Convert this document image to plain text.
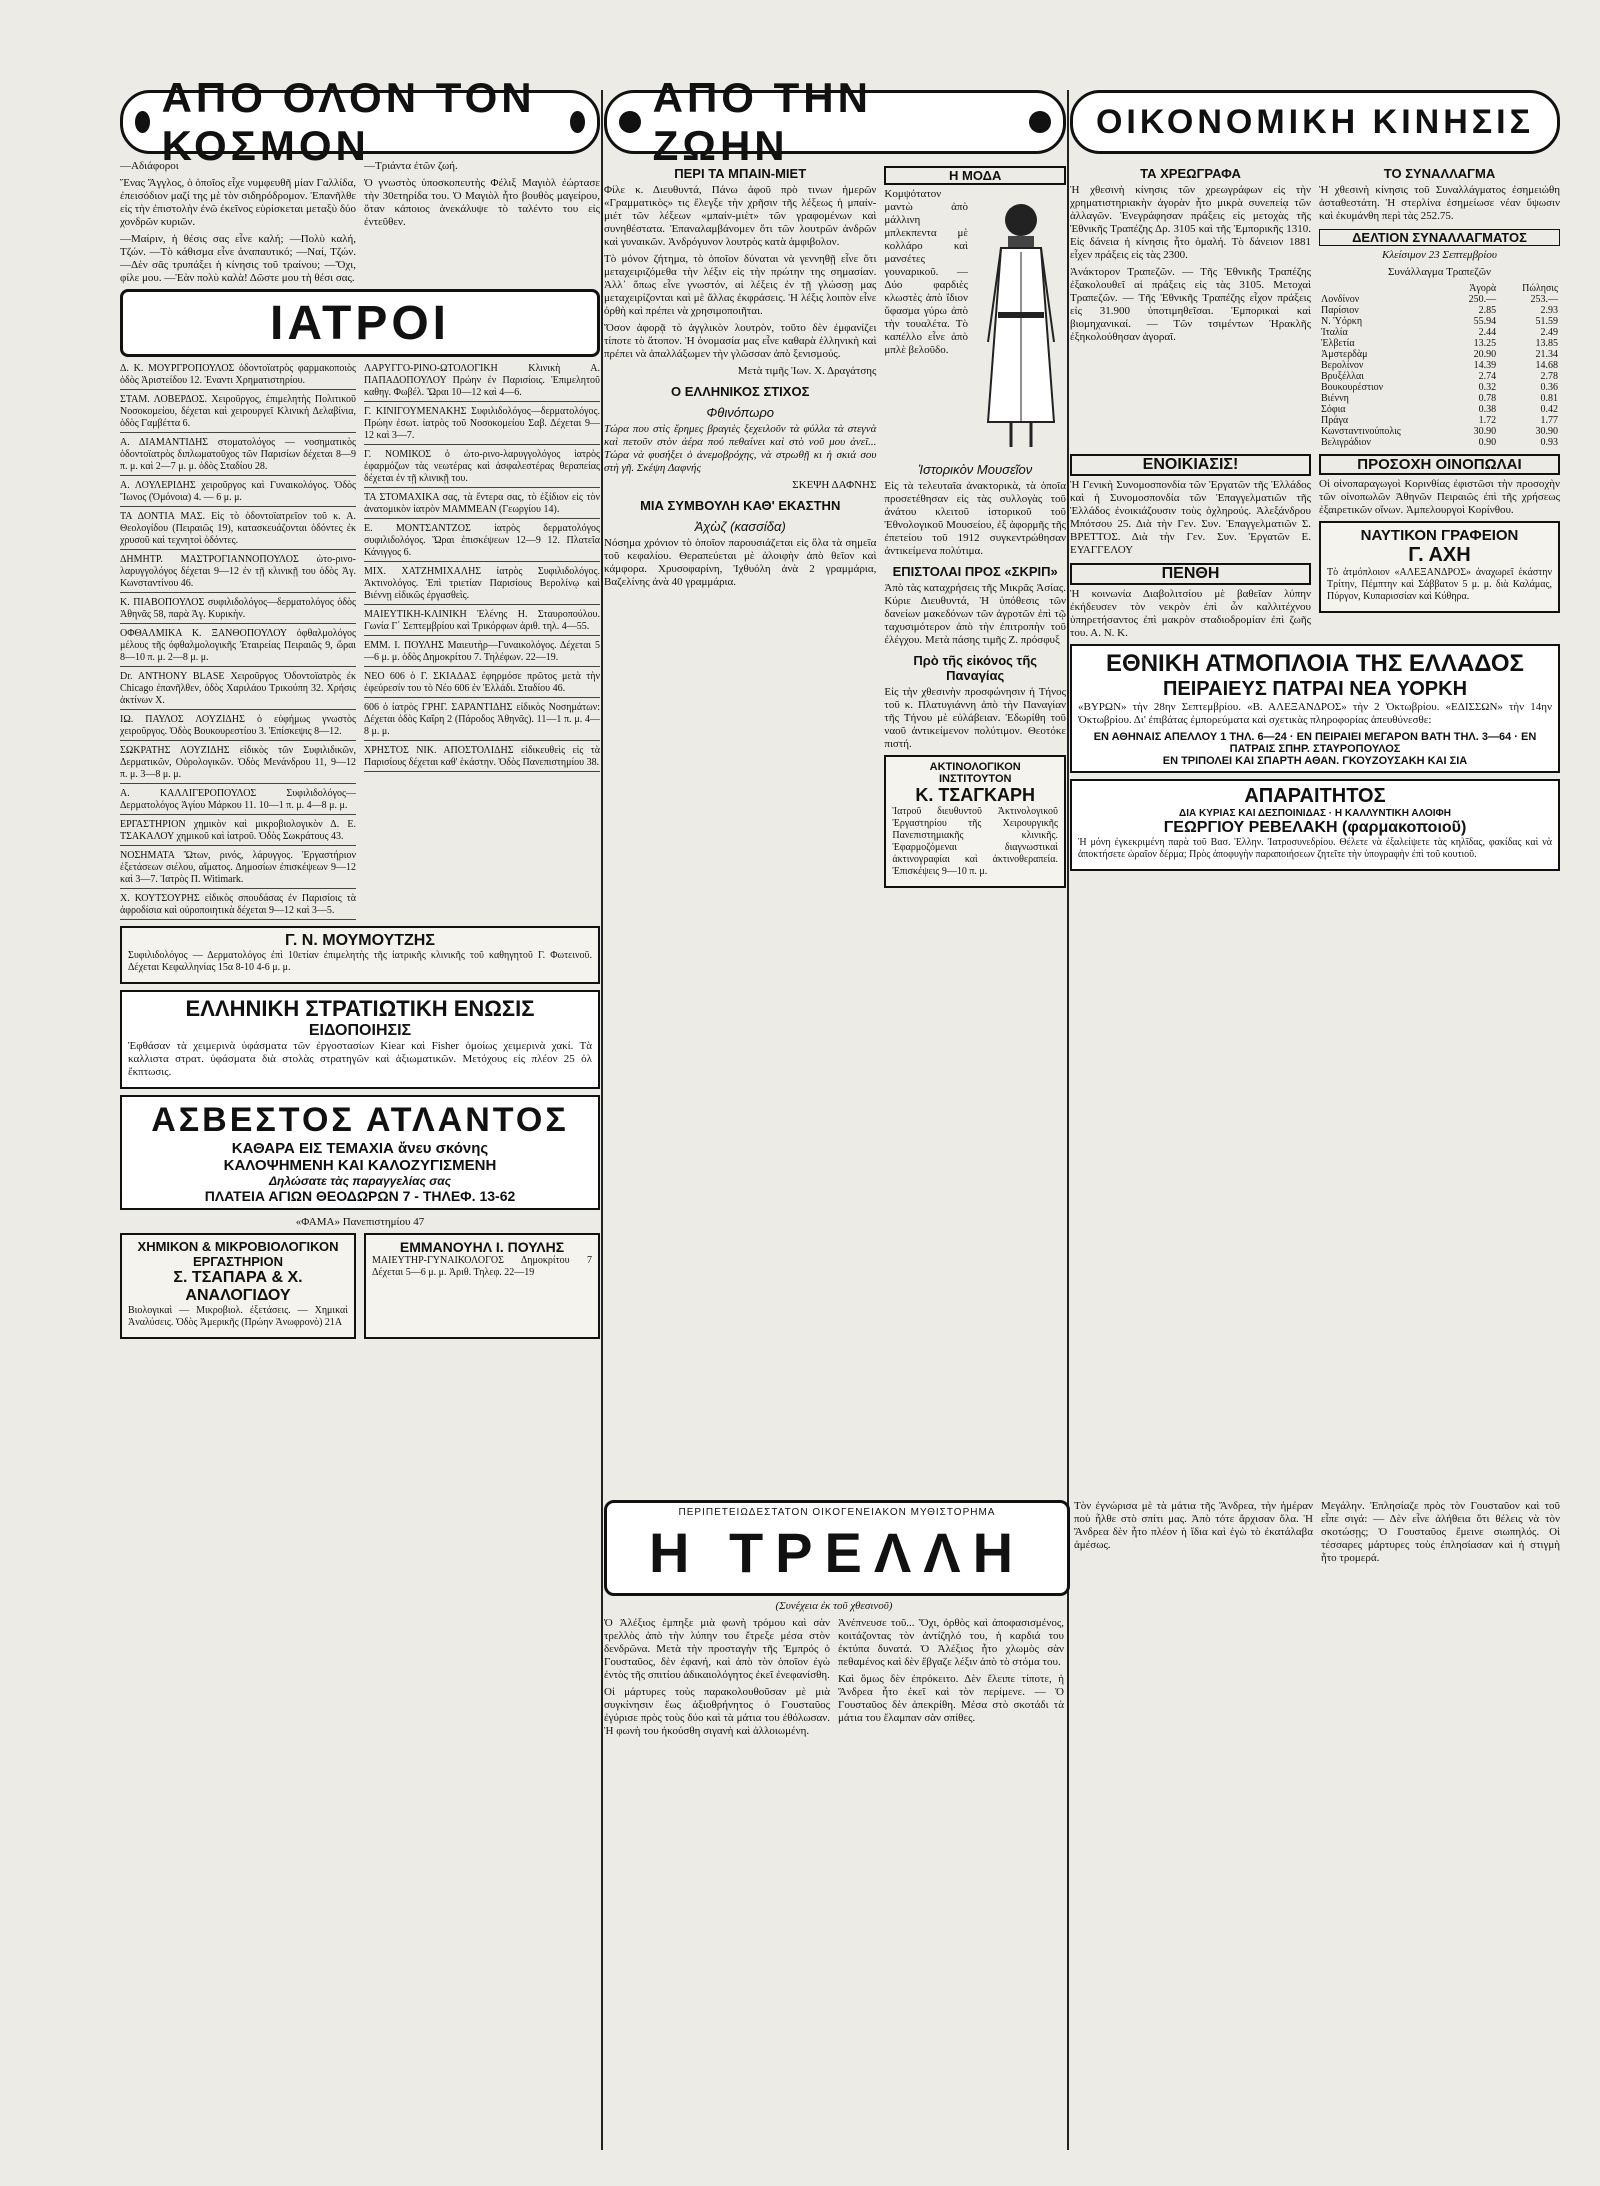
ΑΠΟ ΟΛΟΝ ΤΟΝ ΚΟΣΜΟΝ

—Αδιάφοροι

Ἕνας Ἄγγλος, ὁ ὁποῖος εἶχε νυμφευθῆ μίαν Γαλλίδα, ἐπεισόδιον μαζί της μὲ τὸν σιδηρόδρομον. Ἐπανῆλθε εἰς τὴν ἐπιστολὴν ἐνῶ ἐκεῖνος εὑρίσκεται μεταξὺ δύο χονδρῶν κυριῶν.

—Μαίριν, ἡ θέσις σας εἶνε καλή; —Πολὺ καλή, Τζών. —Τὸ κάθισμα εἶνε ἀναπαυτικό; —Ναί, Τζών. —Δὲν σᾶς τρυπάξει ἡ κίνησις τοῦ τραίνου; —Ὄχι, φίλε μου. —Ἐὰν πολὺ καλὰ! Δῶστε μου τὴ θέσι σας.

—Τριάντα ἐτῶν ζωή.

Ὁ γνωστὸς ὑποσκοπευτὴς Φέλιξ Μαγιὸλ ἐώρτασε τὴν 30ετηρίδα του. Ὁ Μαγιὸλ ἦτο βουθὸς μαγείρου, ὅταν κάποιος ἀνεκάλυψε τὸ ταλέντο του εἰς ἐντεῦθεν.

ΙΑΤΡΟΙ

Δ. Κ. ΜΟΥΡΓΡΟΠΟΥΛΟΣ ὀδοντοϊατρὸς φαρμακοποιὸς ὁδὸς Ἀριστείδου 12. Ἐναντι Χρηματιστηρίου.

ΣΤΑΜ. ΛΟΒΕΡΔΟΣ. Χειροῦργος, ἐπιμελητὴς Πολιτικοῦ Νοσοκομείου, δέχεται καὶ χειρουργεῖ Κλινικὴ Δελαβίνια, ὁδὸς Γαμβέττα 6.

Α. ΔΙΑΜΑΝΤΙΔΗΣ στοματολόγος — νοσηματικὸς ὀδοντοϊατρὸς διπλωματοῦχος τῶν Παρισίων δέχεται 8—9 π. μ. καὶ 2—7 μ. μ. ὁδὸς Σταδίου 28.

Α. ΛΟΥΛΕΡΙΔΗΣ χειροῦργος καὶ Γυναικολόγος. Ὁδὸς Ἴωνος (Ὁμόνοια) 4. — 6 μ. μ.

ΤΑ ΔΟΝΤΙΑ ΜΑΣ. Εἰς τὸ ὀδοντοϊατρεῖον τοῦ κ. Α. Θεολογίδου (Πειραιῶς 19), κατασκευάζονται ὀδόντες ἐκ χρυσοῦ καὶ τεχνητοὶ ὀδόντες.

ΔΗΜΗΤΡ. ΜΑΣΤΡΟΓΙΑΝΝΟΠΟΥΛΟΣ ὠτο-ρινο-λαρυγγολόγος δέχεται 9—12 ἐν τῇ κλινικῇ του ὁδὸς Ἀγ. Κωνσταντίνου 46.

Κ. ΠΙΑΒΟΠΟΥΛΟΣ συφιλιδολόγος—δερματολόγος ὁδὸς Ἀθηνᾶς 58, παρὰ Ἀγ. Κυρικὴν.

ΟΦΘΑΛΜΙΚΑ Κ. ΞΑΝΘΟΠΟΥΛΟΥ ὀφθαλμολόγος μέλους τῆς ὀφθαλμολογικῆς Ἑταιρείας Πειραιῶς 9, ὥραι 8—10 π. μ. 2—8 μ. μ.

Dr. ANTHONY BLASE Χειροῦργος Ὀδοντοϊατρὸς ἐκ Chicago ἐπανῆλθεν, ὁδὸς Χαριλάου Τρικούπη 32. Χρήσις ἀκτίνων Χ.

ΙΩ. ΠΑΥΛΟΣ ΛΟΥΖΙΔΗΣ ὁ εὐφήμως γνωστὸς χειροῦργος. Ὁδὸς Βουκουρεστίου 3. Ἐπίσκεψις 8—12.

ΣΩΚΡΑΤΗΣ ΛΟΥΖΙΔΗΣ εἰδικὸς τῶν Συφιλιδικῶν, Δερματικῶν, Οὐρολογικῶν. Ὁδὸς Μενάνδρου 11, 9—12 π. μ. 3—8 μ. μ.

Α. ΚΑΛΛΙΓΕΡΟΠΟΥΛΟΣ Συφιλιδολόγος—Δερματολόγος Ἀγίου Μάρκου 11. 10—1 π. μ. 4—8 μ. μ.

ΕΡΓΑΣΤΗΡΙΟΝ χημικὸν καὶ μικροβιολογικὸν Δ. Ε. ΤΣΑΚΑΛΟΥ χημικοῦ καὶ ἰατροῦ. Ὁδὸς Σωκράτους 43.

ΝΟΣΗΜΑΤΑ Ὤτων, ρινός, λάρυγγος. Ἐργαστήριον ἐξετάσεων σιέλου, αἵματος. Δημοσίων ἐπισκέψεων 9—12 καὶ 3—7. Ἰατρὸς Π. Witimark.

Χ. ΚΟΥΤΣΟΥΡΗΣ εἰδικὸς σπουδάσας ἐν Παρισίοις τὰ ἀφροδίσια καὶ οὐροποιητικὰ δέχεται 9—12 καὶ 3—5.

ΛΑΡΥΓΓΟ-ΡΙΝΟ-ΩΤΟΛΟΓΙΚΗ Κλινικὴ Α. ΠΑΠΑΔΟΠΟΥΛΟΥ Πρώην ἐν Παρισίοις. Ἐπιμελητοῦ καθηγ. Φωβέλ. Ὥραι 10—12 καὶ 4—6.

Γ. ΚΙΝΙΓΟΥΜΕΝΑΚΗΣ Συφιλιδολόγος—δερματολόγος. Πρώην ἐσωτ. ἰατρὸς τοῦ Νοσοκομείου Σαβ. Δέχεται 9—12 καὶ 3—7.

Γ. ΝΟΜΙΚΟΣ ὁ ὠτο-ρινο-λαρυγγολόγος ἰατρὸς ἐφαρμόζων τὰς νεωτέρας καὶ ἀσφαλεστέρας θεραπείας δέχεται ἐν τῇ κλινικῇ του.

ΤΑ ΣΤΟΜΑΧΙΚΑ σας, τὰ ἔντερα σας, τὸ ἐξίδιον εἰς τὸν ἀνατομικὸν ἰατρὸν ΜΑΜΜΕΑΝ (Γεωργίου 14).

Ε. ΜΟΝΤΣΑΝΤΖΟΣ ἰατρὸς δερματολόγος συφιλιδολόγος. Ὥραι ἐπισκέψεων 12—9 12. Πλατεῖα Κάνιγγος 6.

ΜΙΧ. ΧΑΤΖΗΜΙΧΑΛΗΣ ἰατρὸς Συφιλιδολόγος. Ἀκτινολόγος. Ἐπὶ τριετίαν Παρισίους Βερολίνῳ καὶ Βιέννῃ εἰδικῶς ἐργασθεὶς.

ΜΑΙΕΥΤΙΚΗ-ΚΛΙΝΙΚΗ Ἐλένης Η. Σταυροπούλου. Γωνία Γ΄ Σεπτεμβρίου καὶ Τρικόρφων ἀριθ. τηλ. 4—55.

ΕΜΜ. Ι. ΠΟΥΛΗΣ Μαιευτὴρ—Γυναικολόγος. Δέχεται 5—6 μ. μ. ὁδὸς Δημοκρίτου 7. Τηλέφων. 22—19.

ΝΕΟ 606 ὁ Γ. ΣΚΙΑΔΑΣ ἐφηρμόσε πρῶτος μετὰ τὴν ἐφεύρεσίν του τὸ Νέο 606 ἐν Ἑλλάδι. Σταδίου 46.

606 ὁ ἰατρὸς ΓΡΗΓ. ΣΑΡΑΝΤΙΔΗΣ εἰδικὸς Νοσημάτων: Δέχεται ὁδὸς Καΐρη 2 (Πάροδος Ἀθηνᾶς). 11—1 π. μ. 4—8 μ. μ.

ΧΡΗΣΤΟΣ ΝΙΚ. ΑΠΟΣΤΟΛΙΔΗΣ εἰδικευθεὶς εἰς τὰ Παρισίους δέχεται καθ' ἑκάστην. Ὁδὸς Πανεπιστημίου 38.

Γ. Ν. ΜΟΥΜΟΥΤΖΗΣ

Συφιλιδολόγος — Δερματολόγος ἐπὶ 10ετίαν ἐπιμελητὴς τῆς ἰατρικῆς κλινικῆς τοῦ καθηγητοῦ Γ. Φωτεινοῦ. Δέχεται Κεφαλληνίας 15α 8-10 4-6 μ. μ.

ΕΛΛΗΝΙΚΗ ΣΤΡΑΤΙΩΤΙΚΗ ΕΝΩΣΙΣ
ΕΙΔΟΠΟΙΗΣΙΣ

Ἐφθάσαν τὰ χειμερινὰ ὑφάσματα τῶν ἐργοστασίων Kiear καὶ Fisher ὁμοίως χειμερινὰ χακί. Τὰ καλλιστα στρατ. ὑφάσματα διὰ στολὰς στρατηγῶν καὶ ἀξιωματικῶν. Μετόχους εἰς πλέον 25 ὀλ ἔκπτωσις.

ΑΣΒΕΣΤΟΣ ΑΤΛΑΝΤΟΣ
ΚΑΘΑΡΑ ΕΙΣ ΤΕΜΑΧΙΑ ἄνευ σκόνης
ΚΑΛΟΨΗΜΕΝΗ ΚΑΙ ΚΑΛΟΖΥΓΙΣΜΕΝΗ
Δηλώσατε τὰς παραγγελίας σας
ΠΛΑΤΕΙΑ ΑΓΙΩΝ ΘΕΟΔΩΡΩΝ 7 - ΤΗΛΕΦ. 13-62
«ΦΑΜΑ» Πανεπιστημίου 47
ΧΗΜΙΚΟΝ & ΜΙΚΡΟΒΙΟΛΟΓΙΚΟΝ ΕΡΓΑΣΤΗΡΙΟΝ
Σ. ΤΣΑΠΑΡΑ & Χ. ΑΝΑΛΟΓΙΔΟΥ

Βιολογικαὶ — Μικροβιολ. ἐξετάσεις. — Χημικαὶ Ἀναλύσεις. Ὁδὸς Ἀμερικῆς (Πρώην Ἀνωφρονὸ) 21Α

ΕΜΜΑΝΟΥΗΛ Ι. ΠΟΥΛΗΣ

ΜΑΙΕΥΤΗΡ-ΓΥΝΑΙΚΟΛΟΓΟΣ Δημοκρίτου 7 Δέχεται 5—6 μ. μ. Ἀριθ. Τηλεφ. 22—19

ΑΠΟ ΤΗΝ ΖΩΗΝ
ΠΕΡΙ ΤΑ ΜΠΑΙΝ-ΜΙΕΤ

Φίλε κ. Διευθυντά, Πάνω ἀφοῦ πρὸ τινων ἡμερῶν «Γραμματικὸς» τις ἔλεγξε τὴν χρῆσιν τῆς λέξεως ἡ μπαίν-μιέτ τῶν λέξεων «μπαίν-μιὲτ» τῶν γραφομένων καὶ συνηθέστατα. Ἐπαναλαμβάνομεν ὅτι τῶν λουτρῶν ἀνδρῶν καὶ γυναικῶν. Ἀνδρόγυνον λουτρὸς κατὰ ἀμφιβολον.

Τὸ μόνον ζήτημα, τὸ ὁποῖον δύναται νὰ γεννηθῇ εἶνε ὅτι μεταχειριζόμεθα τὴν λέξιν εἰς τὴν πρώτην της σημασίαν. Ἀλλ᾽ ὅπως εἶνε γνωστόν, αἱ λέξεις ἐν τῇ γλώσσῃ μας μεταχειρίζονται καὶ μὲ ἄλλας ἐκφράσεις. Ἡ λέξις λοιπὸν εἶνε ὀρθὴ καὶ πρέπει νὰ χρησιμοποιῆται.

Ὅσον ἀφορᾷ τὸ ἀγγλικὸν λουτρὸν, τοῦτο δὲν ἐμφανίζει τίποτε τὸ ἄτοπον. Ἡ ὀνομασία μας εἶνε καθαρὰ ἑλληνικὴ καὶ πρέπει νὰ ἀπαλλάξωμεν τὴν γλῶσσαν ἀπὸ ξενισμούς.

Μετὰ τιμῆς Ἰων. Χ. Δραγάτσης

Ο ΕΛΛΗΝΙΚΟΣ ΣΤΙΧΟΣ
Φθινόπωρο

Τώρα που στὶς ἔρημες βραγιὲς ξεχειλοῦν τὰ φύλλα τὰ στεγνὰ καὶ πετοῦν στὸν ἀέρα πού πεθαίνει καὶ στὸ νοῦ μου ἀνεῖ... Τώρα νὰ φυσήξει ὁ ἀνεμοβρόχης, νὰ στρωθῇ κι ἡ σκιά σου στὴ γῆ. Σκέψη Δαφνής

ΣΚΕΨΗ ΔΑΦΝΗΣ

ΜΙΑ ΣΥΜΒΟΥΛΗ ΚΑΘ' ΕΚΑΣΤΗΝ
Ἀχὼζ (κασσίδα)

Νόσημα χρόνιον τὸ ὁποῖον παρουσιάζεται εἰς ὅλα τὰ σημεῖα τοῦ κεφαλίου. Θεραπεύεται μὲ ἀλοιφὴν ἀπὸ θεῖον καὶ κάμφορα. Χρυσοφαρίνη, Ἰχθυόλη ἀνὰ 2 γραμμάρια, Βαζελίνης ἀνὰ 40 γραμμάρια.

Η ΜΟΔΑ

Κομψότατον μαντὼ ἀπὸ μάλλινη μπλεκπεντα μὲ κολλάρο καὶ μανσέτες γουναρικοῦ. — Δύο φαρδιὲς κλωστὲς ἀπὸ ἴδιον ὕφασμα γύρω ἀπὸ τὴν τουαλέτα. Τὸ καπέλλο εἶνε ἀπὸ μπλὲ βελοῦδο.

Ἱστορικὸν Μουσεῖον

Εἰς τὰ τελευταῖα ἀνακτορικὰ, τὰ ὁποῖα προσετέθησαν εἰς τὰς συλλογὰς τοῦ ἀνάτου κλειτοῦ ἱστορικοῦ τοῦ Ἐθνολογικοῦ Μουσείου, ἐξ ἀφορμῆς τῆς ἐπετείου τοῦ 1912 συγκεντρώθησαν ἀντικείμενα πολύτιμα.

ΕΠΙΣΤΟΛΑΙ ΠΡΟΣ «ΣΚΡΙΠ»

Ἀπὸ τὰς καταχρήσεις τῆς Μικρᾶς Ἀσίας. Κύριε Διευθυντά, Ἡ ὑπόθεσις τῶν δανείων μακεδόνων τῶν ἀγροτῶν ἐπὶ τῷ ταχυσιμότερον ἀπὸ τὴν ἐπιτροπὴν τοῦ ἐλέγχου. Μετὰ πάσης τιμῆς Ζ. πρόσφυξ

Πρὸ τῆς εἰκόνος τῆς Παναγίας

Εἰς τὴν χθεσινὴν προσφώνησιν ἡ Τήνος τοῦ κ. Πλατυγιάννη ἀπὸ τὴν Παναγίαν τῆς Τήνου μὲ εὐλάβειαν. Ἐδωρίθη τοῦ ναοῦ ἀντικείμενον πολύτιμον. Θεοτόκε πιστή.

ΑΚΤΙΝΟΛΟΓΙΚΟΝ ΙΝΣΤΙΤΟΥΤΟΝ
Κ. ΤΣΑΓΚΑΡΗ

Ἰατροῦ διευθυντοῦ Ἀκτινολογικοῦ Ἐργαστηρίου τῆς Χειρουργικῆς Πανεπιστημιακῆς κλινικῆς. Ἐφαρμοζόμεναι διαγνωστικαὶ ἀκτινογραφίαι καὶ ἀκτινοθεραπεία. Ἐπισκέψεις 9—10 π. μ.

ΟΙΚΟΝΟΜΙΚΗ ΚΙΝΗΣΙΣ
ΤΑ ΧΡΕΩΓΡΑΦΑ

Ἡ χθεσινὴ κίνησις τῶν χρεωγράφων εἰς τὴν χρηματιστηριακὴν ἀγορὰν ἦτο μικρὰ συνεπείᾳ τῶν ἀλλαγῶν. Ἐνεγράφησαν πράξεις εἰς μετοχὰς τῆς Ἐθνικῆς Τραπέζης Δρ. 3105 καὶ τῆς Ἐμπορικῆς 1310. Εἰς δάνεια ἡ κίνησις ἦτο ὁμαλή. Τὸ δάνειον 1881 εἶχεν πράξεις εἰς τὰς 2300.

Ἀνάκτορον Τραπεζῶν. — Τῆς Ἐθνικῆς Τραπέζης ἐξακολουθεῖ αἱ πράξεις εἰς τὰς 3105. Μετοχαὶ Τραπεζῶν. — Τῆς Ἐθνικῆς Τραπέζης εἶχον πράξεις εἰς 31.900 ὑποτιμηθεῖσαι. Ἐμπορικαὶ καὶ βιομηχανικαί. — Τῶν τσιμέντων Ἡρακλῆς ἐξηκολούθησαν ἀγοραῖ.

ΤΟ ΣΥΝΑΛΛΑΓΜΑ

Ἡ χθεσινὴ κίνησις τοῦ Συναλλάγματος ἐσημειώθη ἀσταθεστάτη. Ἡ στερλίνα ἐσημείωσε νέαν ὕψωσιν καὶ ἐκυμάνθη περὶ τὰς 252.75.

ΔΕΛΤΙΟΝ ΣΥΝΑΛΛΑΓΜΑΤΟΣ
Κλείσιμον 23 Σεπτεμβρίου
Συνάλλαγμα Τραπεζῶν
	Ἀγορὰ	Πώλησις
Λονδίνον	250.—	253.—
Παρίσιον	2.85	2.93
Ν. Ὑόρκη	55.94	51.59
Ἰταλία	2.44	2.49
Ἑλβετία	13.25	13.85
Ἀμστερδὰμ	20.90	21.34
Βερολίνον	14.39	14.68
Βρυξέλλαι	2.74	2.78
Βουκουρέστιον	0.32	0.36
Βιέννη	0.78	0.81
Σόφια	0.38	0.42
Πράγα	1.72	1.77
Κωνσταντινούπολις	30.90	30.90
Βελιγράδιον	0.90	0.93
ΕΝΟΙΚΙΑΣΙΣ!

Ἡ Γενικὴ Συνομοσπονδία τῶν Ἐργατῶν τῆς Ἑλλάδος καὶ ἡ Συνομοσπονδία τῶν Ἐπαγγελματιῶν τῆς Ἑλλάδος ἐνοικιάζουσιν τοὺς ὀχληρούς. Ἀλεξάνδρου Μπότσου 25. Διὰ τὴν Γεν. Συν. Ἐπαγγελματιῶν Σ. ΒΡΕΤΤΟΣ. Διὰ τὴν Γεν. Συν. Ἐργατῶν Ε. ΕΥΑΓΓΕΛΟΥ

ΠΕΝΘΗ

Ἡ κοινωνία Διαβολιτσίου μὲ βαθεῖαν λύπην ἐκήδευσεν τὸν νεκρὸν ἐπὶ ὧν καλλιτέχνου ὑπηρετήσαντος ἐπὶ μακρὸν σταδιοδρομίαν ἐπὶ ζωῆς του. Α. Ν. Κ.

ΠΡΟΣΟΧΗ ΟΙΝΟΠΩΛΑΙ

Οἱ οἰνοπαραγωγοὶ Κορινθίας ἐφιστῶσι τὴν προσοχὴν τῶν οἰνοπωλῶν Ἀθηνῶν Πειραιῶς ἐπὶ τῆς χρήσεως ἐξαιρετικῶν οἴνων. Ἀμπελουργοὶ Κορίνθου.

ΝΑΥΤΙΚΟΝ ΓΡΑΦΕΙΟΝ
Γ. ΑΧΗ

Τὸ ἀτμόπλοιον «ΑΛΕΞΑΝΔΡΟΣ» ἀναχωρεῖ ἑκάστην Τρίτην, Πέμπτην καὶ Σάββατον 5 μ. μ. διὰ Καλάμας, Πύργον, Κυπαρισσίαν καὶ Κύθηρα.

ΕΘΝΙΚΗ ΑΤΜΟΠΛΟΙΑ ΤΗΣ ΕΛΛΑΔΟΣ
ΠΕΙΡΑΙΕΥΣ ΠΑΤΡΑΙ ΝΕΑ ΥΟΡΚΗ

«ΒΥΡΩΝ» τὴν 28ην Σεπτεμβρίου. «Β. ΑΛΕΞΑΝΔΡΟΣ» τὴν 2 Ὀκτωβρίου. «ΕΔΙΣΣΩΝ» τὴν 14ην Ὀκτωβρίου. Δι' ἐπιβάτας ἐμπορεύματα καὶ σχετικὰς πληροφορίας ἀπευθύνεσθε:

ΕΝ ΑΘΗΝΑΙΣ ΑΠΕΛΛΟΥ 1 ΤΗΛ. 6—24 · ΕΝ ΠΕΙΡΑΙΕΙ ΜΕΓΑΡΟΝ ΒΑΤΗ ΤΗΛ. 3—64 · ΕΝ ΠΑΤΡΑΙΣ ΣΠΗΡ. ΣΤΑΥΡΟΠΟΥΛΟΣ
ΕΝ ΤΡΙΠΟΛΕΙ ΚΑΙ ΣΠΑΡΤΗ ΑΘΑΝ. ΓΚΟΥΖΟΥΣΑΚΗ ΚΑΙ ΣΙΑ
ΑΠΑΡΑΙΤΗΤΟΣ
ΔΙΑ ΚΥΡΙΑΣ ΚΑΙ ΔΕΣΠΟΙΝΙΔΑΣ · Η ΚΑΛΛΥΝΤΙΚΗ ΑΛΟΙΦΗ
ΓΕΩΡΓΙΟΥ ΡΕΒΕΛΑΚΗ (φαρμακοποιοῦ)

Ἡ μόνη ἐγκεκριμένη παρὰ τοῦ Βασ. Ἑλλην. Ἰατροσυνεδρίου. Θέλετε νὰ ἐξαλείψετε τὰς κηλῖδας, φακίδας καὶ νὰ ἀποκτήσετε ὡραῖον δέρμα; Πρὸς ἀποφυγὴν παραποιήσεων ζητεῖτε τὴν ὑπογραφὴν ἐπὶ τοῦ κουτιοῦ.

ΠΕΡΙΠΕΤΕΙΩΔΕΣΤΑΤΟΝ ΟΙΚΟΓΕΝΕΙΑΚΟΝ ΜΥΘΙΣΤΟΡΗΜΑ
Η ΤΡΕΛΛΗ
(Συνέχεια ἐκ τοῦ χθεσινοῦ)

Ὁ Ἀλέξιος ἐμπηξε μιὰ φωνὴ τρόμου καὶ σὰν τρελλὸς ἀπὸ τὴν λύπην του ἔτρεξε μέσα στὸν δενδρῶνα. Μετὰ τὴν προσταγὴν τῆς Ἐμπρός ὁ Γουσταῦος, δὲν ἐφανή, καὶ ἀπὸ τὸν ὁποῖον ἐγὼ ἐντὸς τῆς σπιτίου ἀδικαιολόγητος ἐκεῖ ἐνεφανίσθη.

Οἱ μάρτυρες τοὺς παρακολουθοῦσαν μὲ μιὰ συγκίνησιν ἕως ἀξιοθρήνητος ὁ Γουσταῦος ἐγύρισε πρὸς τοὺς δύο καὶ τὰ μάτια του ἐθόλωσαν. Ἡ φωνὴ του ἠκούσθη σιγανὴ καὶ ἀλλοιωμένη.

Ἀνέπνευσε τοῦ... Ὄχι, ὀρθὸς καὶ ἀποφασισμένος, κοιτάζοντας τὸν ἀντίζηλό του, ἡ καρδιά του ἐκτύπα δυνατά. Ὁ Ἀλέξιος ἦτο χλωμὸς σὰν πεθαμένος καὶ δὲν ἔβγαζε λέξιν ἀπὸ τὸ στόμα του.

Καὶ ὅμως δὲν ἐπρόκειτο. Δὲν ἔλειπε τίποτε, ἡ Ἄνδρεα ἦτο ἐκεῖ καὶ τὸν περίμενε. — Ὁ Γουσταῦος δὲν ἀπεκρίθη. Μέσα στὸ σκοτάδι τὰ μάτια του ἔλαμπαν σὰν σπίθες.

Τὸν ἐγνώρισα μὲ τὰ μάτια τῆς Ἄνδρεα, τὴν ἡμέραν ποὺ ἦλθε στὸ σπίτι μας. Ἀπὸ τότε ἄρχισαν ὅλα. Ἡ Ἄνδρεα δὲν ἦτο πλέον ἡ ἴδια καὶ ἐγὼ τὸ ἐκατάλαβα ἀμέσως.

Μεγάλην. Ἐπλησίαζε πρὸς τὸν Γουσταῦον καὶ τοῦ εἶπε σιγά: — Δὲν εἶνε ἀλήθεια ὅτι θέλεις νὰ τὸν σκοτώσῃς; Ὁ Γουσταῦος ἔμεινε σιωπηλός. Οἱ τέσσαρες μάρτυρες τοὺς ἐπλησίασαν καὶ ἡ στιγμὴ ἦτο τρομερά.
